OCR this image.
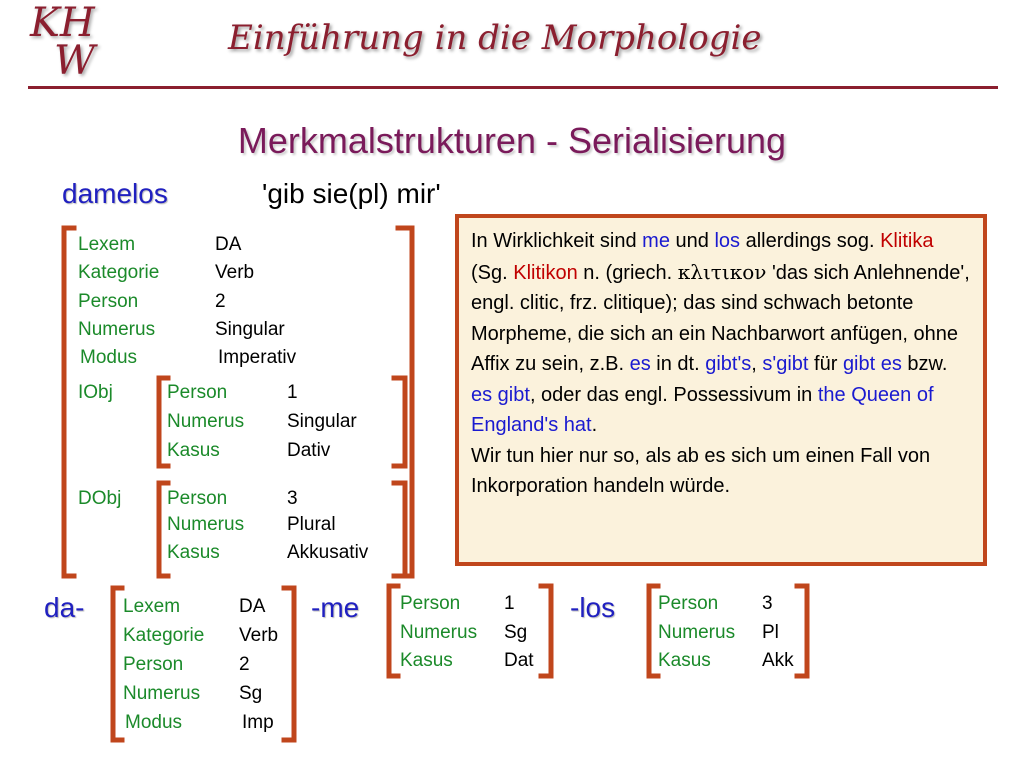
KH
W	Einführung in die Morphologie
Merkmalstrukturen - Serialisierung
damelos	'gib sie(pl) mir'
Lexem	DA
Kategorie	Verb
Person	2
Numerus	Singular
Modus	Imperativ
IObj	Person	1
Numerus Singular
Kasus	Dativ
DObj Person	3
Numerus Plural
Kasus	Akkusativ
In Wirklichkeit sind me und los allerdings sog. Klitika (Sg. Klitikon n. (griech. κλιτικον 'das sich Anlehnende', engl. clitic, frz. clitique); das sind schwach betonte Morpheme, die sich an ein Nachbarwort anfügen, ohne Affix zu sein, z.B. es in dt. gibt's, s'gibt für gibt es bzw. es gibt, oder das engl. Possessivum in the Queen of England's hat.
Wir tun hier nur so, als ab es sich um einen Fall von Inkorporation handeln würde.
da- Lexem	DA
Kategorie Verb
Person	2
Numerus Sg
Modus	Imp
-me Person 1
Numerus Sg
Kasus	Dat
-los Person 3
Numerus Pl
Kasus	Akk
